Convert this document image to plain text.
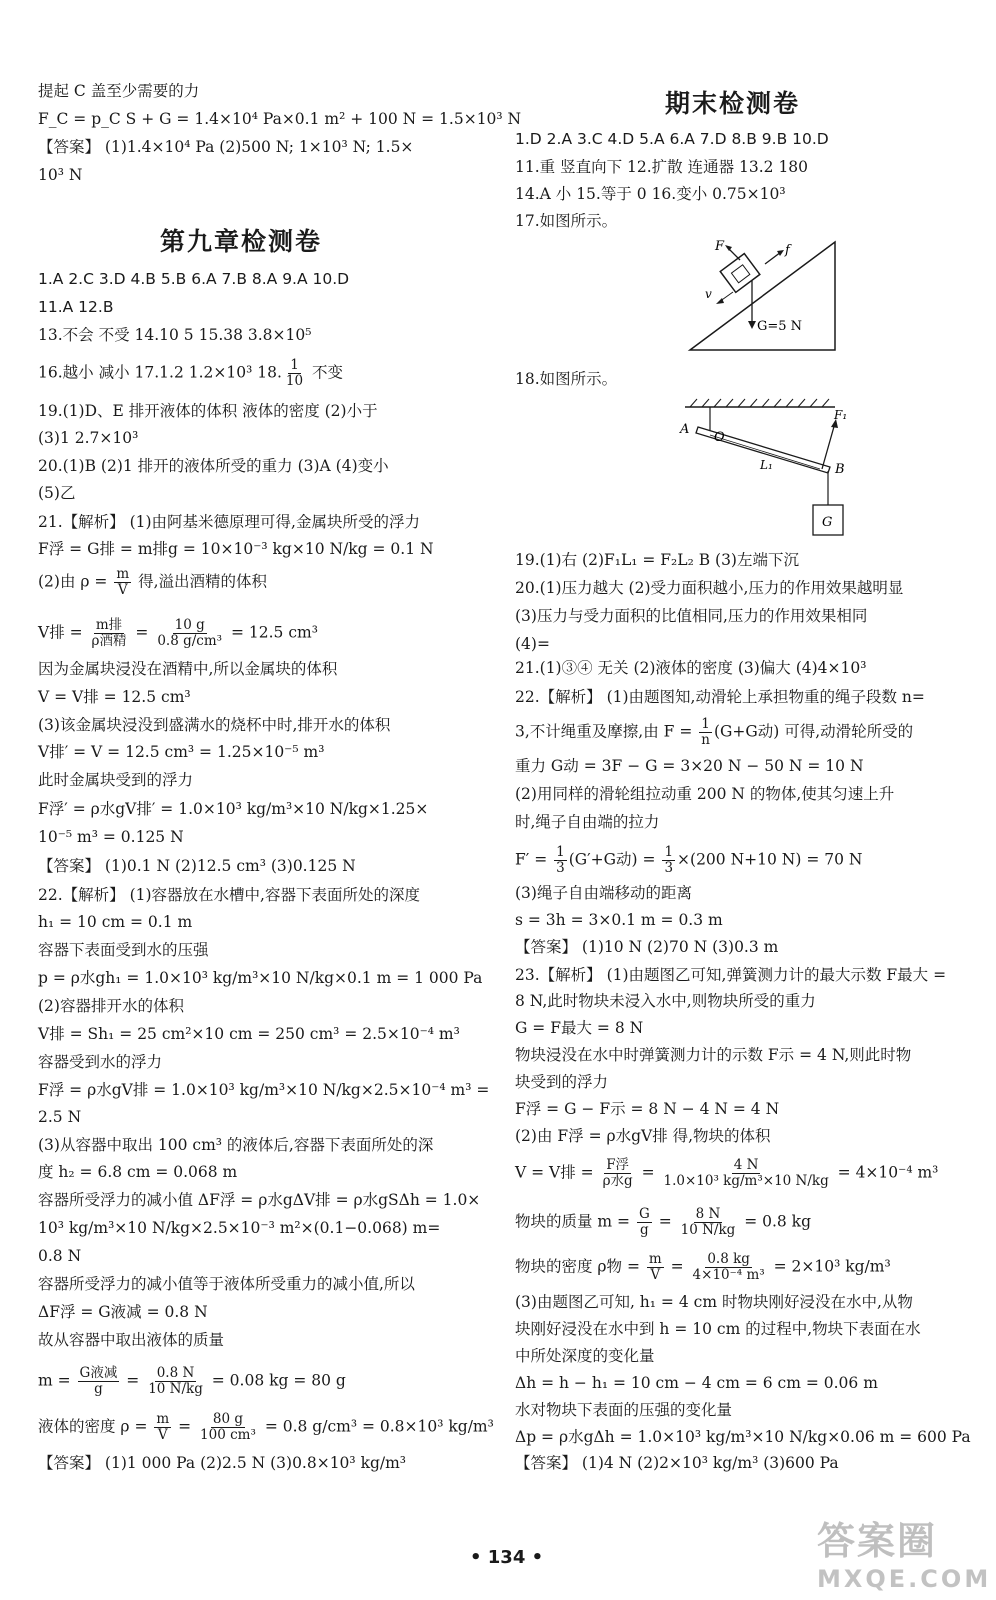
提起 C 盖至少需要的力
F_C = p_C S + G = 1.4×10⁴ Pa×0.1 m² + 100 N = 1.5×10³ N
【答案】 (1)1.4×10⁴ Pa (2)500 N; 1×10³ N; 1.5×
10³ N
第九章检测卷
1.A 2.C 3.D 4.B 5.B 6.A 7.B 8.A 9.A 10.D
11.A 12.B
13.不会 不受 14.10 5 15.38 3.8×10⁵
16.越小 减小 17.1.2 1.2×10³ 18. $\frac{1}{10}$ 不变
19.(1)D、E 排开液体的体积 液体的密度 (2)小于
(3)1 2.7×10³
20.(1)B (2)1 排开的液体所受的重力 (3)A (4)变小
(5)乙
21.【解析】 (1)由阿基米德原理可得,金属块所受的浮力
F浮 = G排 = m排g = 10×10⁻³ kg×10 N/kg = 0.1 N
(2)由 $\rho = \frac{m}{V}$ 得,溢出酒精的体积
V排 = $\frac{\text{m排}}{\text{ρ酒精}} = \frac{10 g}{\text{0.8 g/cm³}} = 12.5$ cm³
因为金属块浸没在酒精中,所以金属块的体积
V = V排 = 12.5 cm³
(3)该金属块浸没到盛满水的烧杯中时,排开水的体积
V排′ = V = 12.5 cm³ = 1.25×10⁻⁵ m³
此时金属块受到的浮力
F浮′ = ρ水gV排′ = 1.0×10³ kg/m³×10 N/kg×1.25×
10⁻⁵ m³ = 0.125 N
【答案】 (1)0.1 N (2)12.5 cm³ (3)0.125 N
22.【解析】 (1)容器放在水槽中,容器下表面所处的深度
h₁ = 10 cm = 0.1 m
容器下表面受到水的压强
p = ρ水gh₁ = 1.0×10³ kg/m³×10 N/kg×0.1 m = 1 000 Pa
(2)容器排开水的体积
V排 = Sh₁ = 25 cm²×10 cm = 250 cm³ = 2.5×10⁻⁴ m³
容器受到水的浮力
F浮 = ρ水gV排 = 1.0×10³ kg/m³×10 N/kg×2.5×10⁻⁴ m³ =
2.5 N
(3)从容器中取出 100 cm³ 的液体后,容器下表面所处的深
度 h₂ = 6.8 cm = 0.068 m
容器所受浮力的减小值 ΔF浮 = ρ水gΔV排 = ρ水gSΔh = 1.0×
10³ kg/m³×10 N/kg×2.5×10⁻³ m²×(0.1−0.068) m=
0.8 N
容器所受浮力的减小值等于液体所受重力的减小值,所以
ΔF浮 = G液减 = 0.8 N
故从容器中取出液体的质量
$m = \frac{\text{G液减}}{g} = \frac{0.8 N}{10 N/kg} = 0.08$ kg = 80 g
液体的密度 $\rho = \frac{m}{V} = \frac{80 g}{\text{100 cm³}} = 0.8$ g/cm³ = 0.8×10³ kg/m³
【答案】 (1)1 000 Pa (2)2.5 N (3)0.8×10³ kg/m³
期末检测卷
1.D 2.A 3.C 4.D 5.A 6.A 7.D 8.B 9.B 10.D
11.重 竖直向下 12.扩散 连通器 13.2 180
14.A 小 15.等于 0 16.变小 0.75×10³
17.如图所示。
F	f
v
G=5 N
18.如图所示。
A
O
F₁
L₁	B
G
19.(1)右 (2)F₁L₁ = F₂L₂ B (3)左端下沉
20.(1)压力越大 (2)受力面积越小,压力的作用效果越明显
(3)压力与受力面积的比值相同,压力的作用效果相同
(4)=
21.(1)③④ 无关 (2)液体的密度 (3)偏大 (4)4×10³
22.【解析】 (1)由题图知,动滑轮上承担物重的绳子段数 n=
3,不计绳重及摩擦,由 $F = \frac{1}{n} (G+G$动) 可得,动滑轮所受的
重力 G动 = 3F − G = 3×20 N − 50 N = 10 N
(2)用同样的滑轮组拉动重 200 N 的物体,使其匀速上升
时,绳子自由端的拉力
$F' = \frac{1}{3} (G'+G$动) = $\frac{1}{3} \times(200$ N+10 N) = 70 N
(3)绳子自由端移动的距离
s = 3h = 3×0.1 m = 0.3 m
【答案】 (1)10 N (2)70 N (3)0.3 m
23.【解析】 (1)由题图乙可知,弹簧测力计的最大示数 F最大 =
8 N,此时物块未浸入水中,则物块所受的重力
G = F最大 = 8 N
物块浸没在水中时弹簧测力计的示数 F示 = 4 N,则此时物
块受到的浮力
F浮 = G − F示 = 8 N − 4 N = 4 N
(2)由 F浮 = ρ水gV排 得,物块的体积
V = V排 = $\frac{\text{F浮}}{\text{ρ水g}} = \frac{4 N}{\text{1.0×10³ kg/m³×10 N/kg}} = 4\times 10^{-4}$ m³
物块的质量 $m = \frac{G}{g} = \frac{8 N}{10 N/kg} = 0.8$ kg
物块的密度 ρ物 = $\frac{m}{V} = \frac{0.8 kg}{\text{4×10⁻⁴ m³}} = 2\times 10^3$ kg/m³
(3)由题图乙可知, h₁ = 4 cm 时物块刚好浸没在水中,从物
块刚好浸没在水中到 h = 10 cm 的过程中,物块下表面在水
中所处深度的变化量
Δh = h − h₁ = 10 cm − 4 cm = 6 cm = 0.06 m
水对物块下表面的压强的变化量
Δp = ρ水gΔh = 1.0×10³ kg/m³×10 N/kg×0.06 m = 600 Pa
【答案】 (1)4 N (2)2×10³ kg/m³ (3)600 Pa
• 134 •	答案圈
MXQE.COM
